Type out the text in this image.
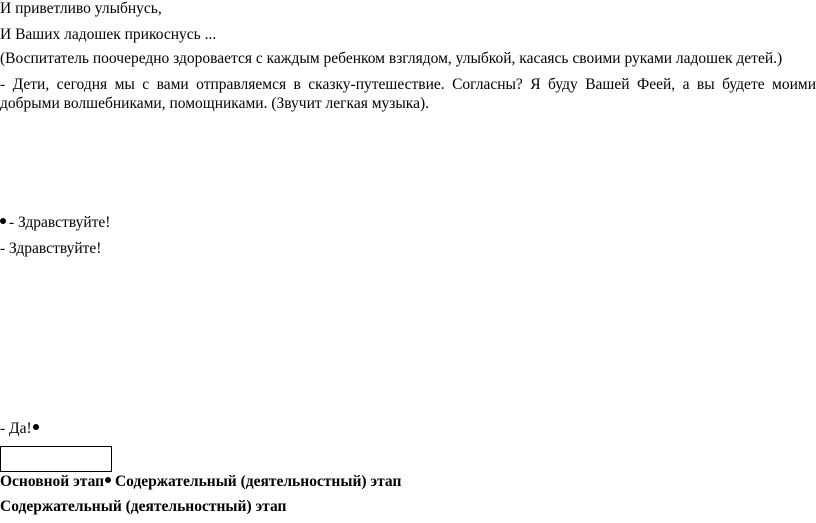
И приветливо улыбнусь,
И Ваших ладошек прикоснусь ...
(Воспитатель поочередно здоровается с каждым ребенком взглядом, улыбкой, касаясь своими руками ладошек детей.)
- Дети, сегодня мы с вами отправляемся в сказку-путешествие. Согласны? Я буду Вашей Феей, а вы будете моими добрыми волшебниками, помощниками. (Звучит легкая музыка).
- Здравствуйте!
- Здравствуйте!
- Да!
Основной этап Содержательный (деятельностный) этап
Содержательный (деятельностный) этап
